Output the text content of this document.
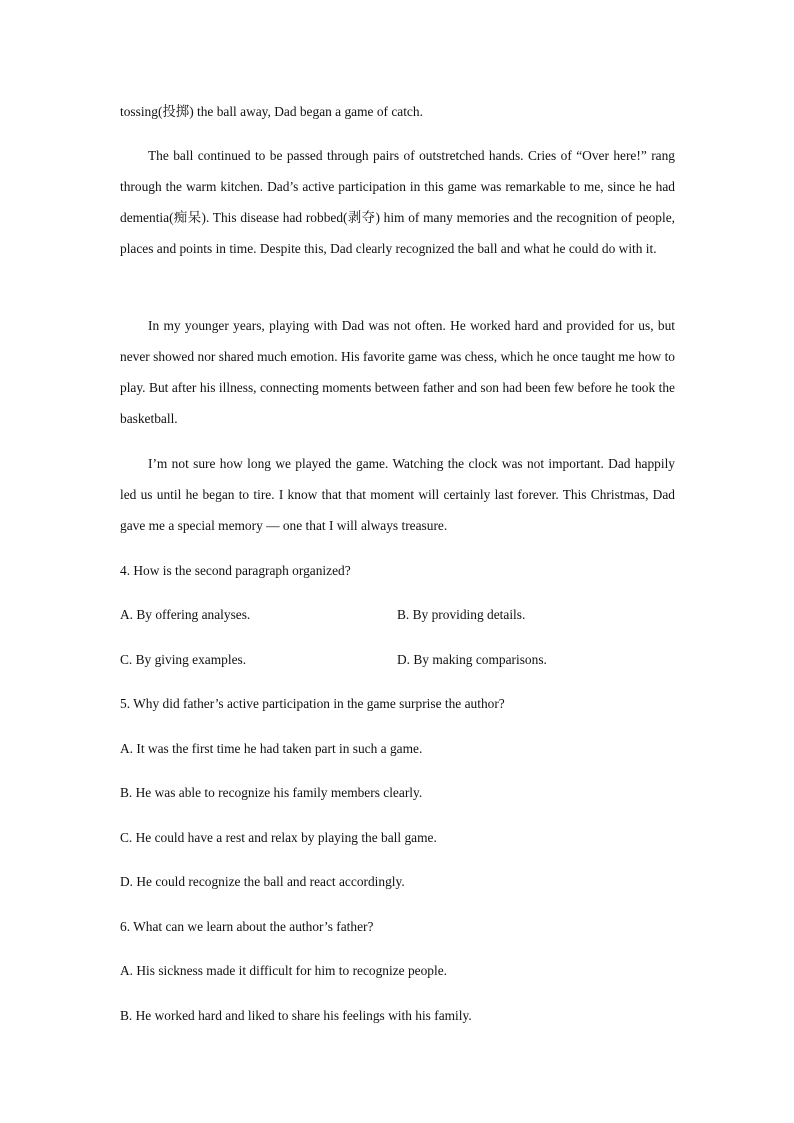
tossing(投掷) the ball away, Dad began a game of catch.

The ball continued to be passed through pairs of outstretched hands. Cries of “Over here!” rang through the warm kitchen. Dad’s active participation in this game was remarkable to me, since he had dementia(痴呆). This disease had robbed(剥夺) him of many memories and the recognition of people, places and points in time. Despite this, Dad clearly recognized the ball and what he could do with it.

In my younger years, playing with Dad was not often. He worked hard and provided for us, but never showed nor shared much emotion. His favorite game was chess, which he once taught me how to play. But after his illness, connecting moments between father and son had been few before he took the basketball.

I’m not sure how long we played the game. Watching the clock was not important. Dad happily led us until he began to tire. I know that that moment will certainly last forever. This Christmas, Dad gave me a special memory — one that I will always treasure.

4. How is the second paragraph organized?
A. By offering analyses.	B. By providing details.
C. By giving examples.	D. By making comparisons.
5. Why did father’s active participation in the game surprise the author?
A. It was the first time he had taken part in such a game.
B. He was able to recognize his family members clearly.
C. He could have a rest and relax by playing the ball game.
D. He could recognize the ball and react accordingly.
6. What can we learn about the author’s father?
A. His sickness made it difficult for him to recognize people.
B. He worked hard and liked to share his feelings with his family.
